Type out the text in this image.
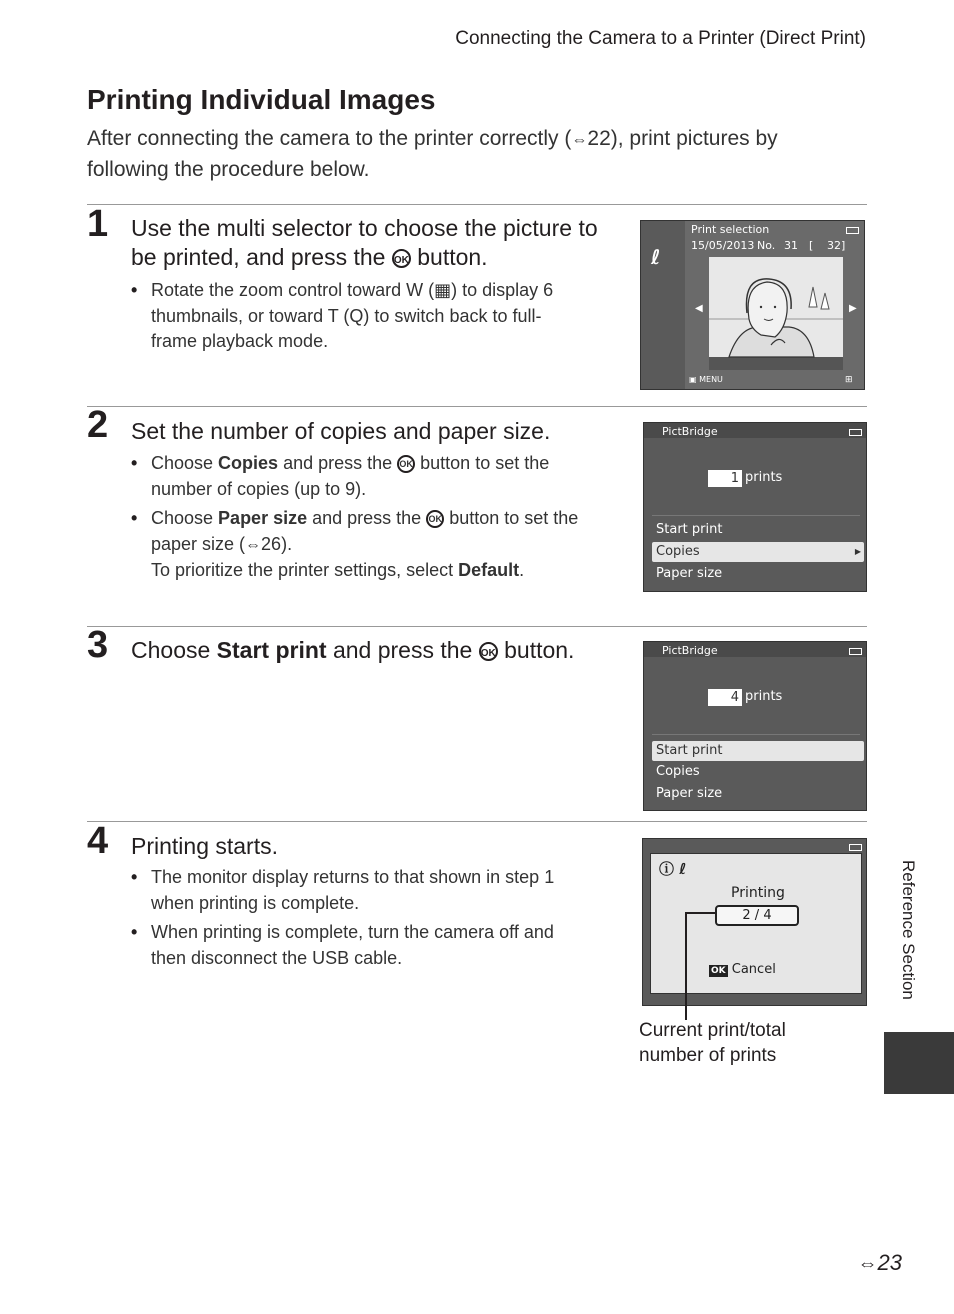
Connecting the Camera to a Printer (Direct Print)
Printing Individual Images
After connecting the camera to the printer correctly (⇔22), print pictures by following the procedure below.
1 Use the multi selector to choose the picture to be printed, and press the OK button.
• Rotate the zoom control toward W (▦) to display 6 thumbnails, or toward T (Q) to switch back to full-frame playback mode.
ℓ
Print selection
15/05/2013 No. 31 [ 32 ]
◀	▶
▣ MENU	⊞
2 Set the number of copies and paper size.
• Choose Copies and press the OK button to set the number of copies (up to 9).
• Choose Paper size and press the OK button to set the paper size (⇔26).
To prioritize the printer settings, select Default.
PictBridge
1 prints
Start print
Copies	▶
Paper size
3 Choose Start print and press the OK button.	PictBridge
4 prints
Start print
Copies
Paper size
4 Printing starts.
• The monitor display returns to that shown in step 1 when printing is complete.
• When printing is complete, turn the camera off and then disconnect the USB cable.
ⓘ ℓ
Printing
2 / 4
OK Cancel
Current print/total number of prints
Reference Section
⇔23
